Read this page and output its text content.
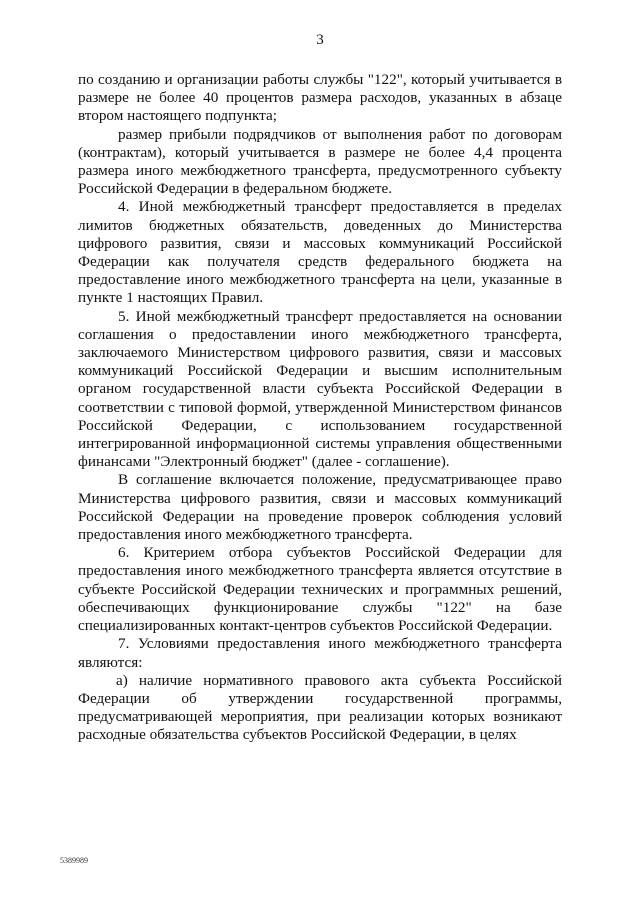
3

по созданию и организации работы службы "122", который учитывается в размере не более 40 процентов размера расходов, указанных в абзаце втором настоящего подпункта;

размер прибыли подрядчиков от выполнения работ по договорам (контрактам), который учитывается в размере не более 4,4 процента размера иного межбюджетного трансферта, предусмотренного субъекту Российской Федерации в федеральном бюджете.

4. Иной межбюджетный трансферт предоставляется в пределах лимитов бюджетных обязательств, доведенных до Министерства цифрового развития, связи и массовых коммуникаций Российской Федерации как получателя средств федерального бюджета на предоставление иного межбюджетного трансферта на цели, указанные в пункте 1 настоящих Правил.

5. Иной межбюджетный трансферт предоставляется на основании соглашения о предоставлении иного межбюджетного трансферта, заключаемого Министерством цифрового развития, связи и массовых коммуникаций Российской Федерации и высшим исполнительным органом государственной власти субъекта Российской Федерации в соответствии с типовой формой, утвержденной Министерством финансов Российской Федерации, с использованием государственной интегрированной информационной системы управления общественными финансами "Электронный бюджет" (далее - соглашение).

В соглашение включается положение, предусматривающее право Министерства цифрового развития, связи и массовых коммуникаций Российской Федерации на проведение проверок соблюдения условий предоставления иного межбюджетного трансферта.

6. Критерием отбора субъектов Российской Федерации для предоставления иного межбюджетного трансферта является отсутствие в субъекте Российской Федерации технических и программных решений, обеспечивающих функционирование службы "122" на базе специализированных контакт-центров субъектов Российской Федерации.

7. Условиями предоставления иного межбюджетного трансферта являются:

а) наличие нормативного правового акта субъекта Российской Федерации об утверждении государственной программы, предусматривающей мероприятия, при реализации которых возникают расходные обязательства субъектов Российской Федерации, в целях

5389989
